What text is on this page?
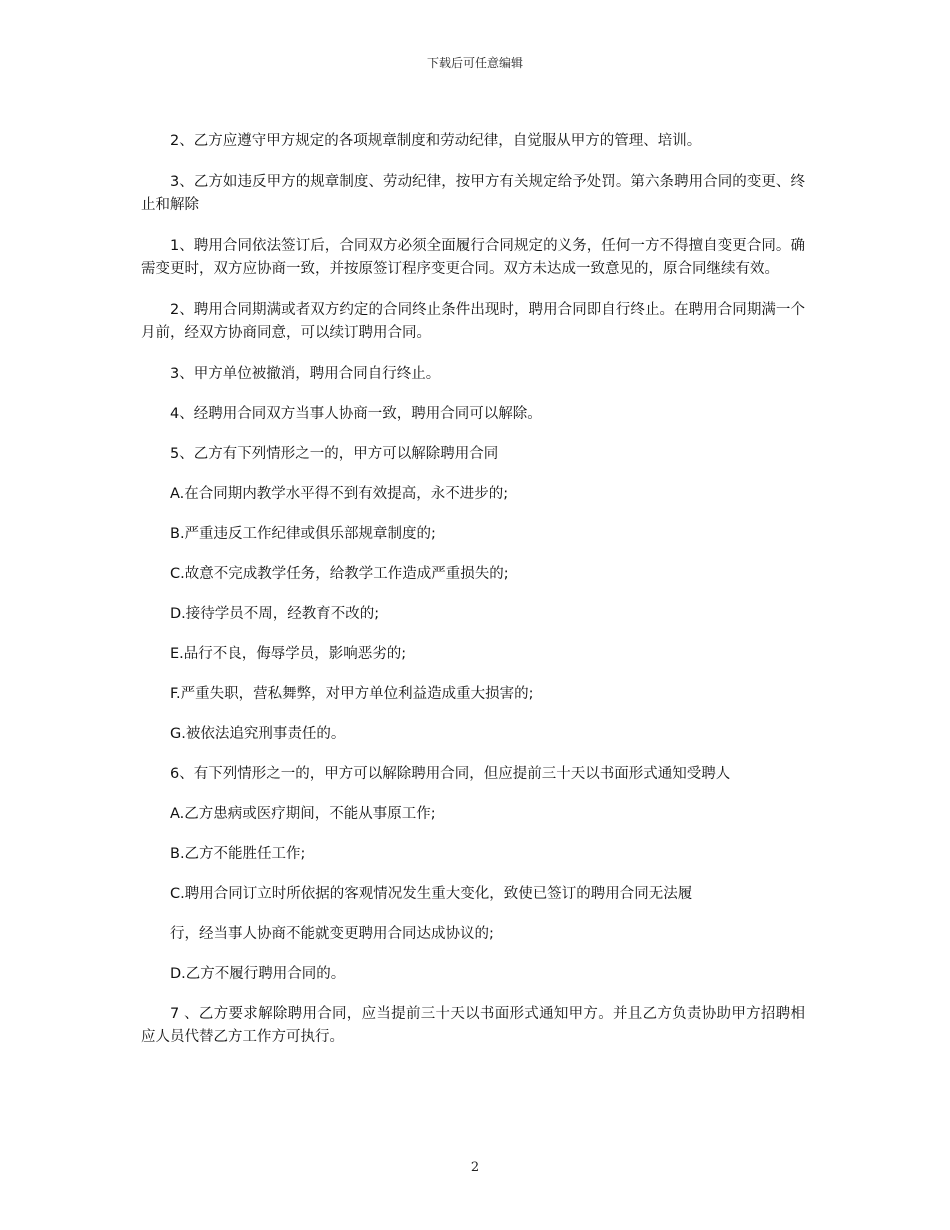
下载后可任意编辑

2、乙方应遵守甲方规定的各项规章制度和劳动纪律，自觉服从甲方的管理、培训。

3、乙方如违反甲方的规章制度、劳动纪律，按甲方有关规定给予处罚。第六条聘用合同的变更、终止和解除

1、聘用合同依法签订后，合同双方必须全面履行合同规定的义务，任何一方不得擅自变更合同。确需变更时，双方应协商一致，并按原签订程序变更合同。双方未达成一致意见的，原合同继续有效。

2、聘用合同期满或者双方约定的合同终止条件出现时，聘用合同即自行终止。在聘用合同期满一个月前，经双方协商同意，可以续订聘用合同。

3、甲方单位被撤消，聘用合同自行终止。

4、经聘用合同双方当事人协商一致，聘用合同可以解除。

5、乙方有下列情形之一的，甲方可以解除聘用合同

A.在合同期内教学水平得不到有效提高，永不进步的;

B.严重违反工作纪律或俱乐部规章制度的;

C.故意不完成教学任务，给教学工作造成严重损失的;

D.接待学员不周，经教育不改的;

E.品行不良，侮辱学员，影响恶劣的;

F.严重失职，营私舞弊，对甲方单位利益造成重大损害的;

G.被依法追究刑事责任的。

6、有下列情形之一的，甲方可以解除聘用合同，但应提前三十天以书面形式通知受聘人

A.乙方患病或医疗期间，不能从事原工作;

B.乙方不能胜任工作;

C.聘用合同订立时所依据的客观情况发生重大变化，致使已签订的聘用合同无法履

行，经当事人协商不能就变更聘用合同达成协议的;

D.乙方不履行聘用合同的。

7 、乙方要求解除聘用合同，应当提前三十天以书面形式通知甲方。并且乙方负责协助甲方招聘相应人员代替乙方工作方可执行。

2
